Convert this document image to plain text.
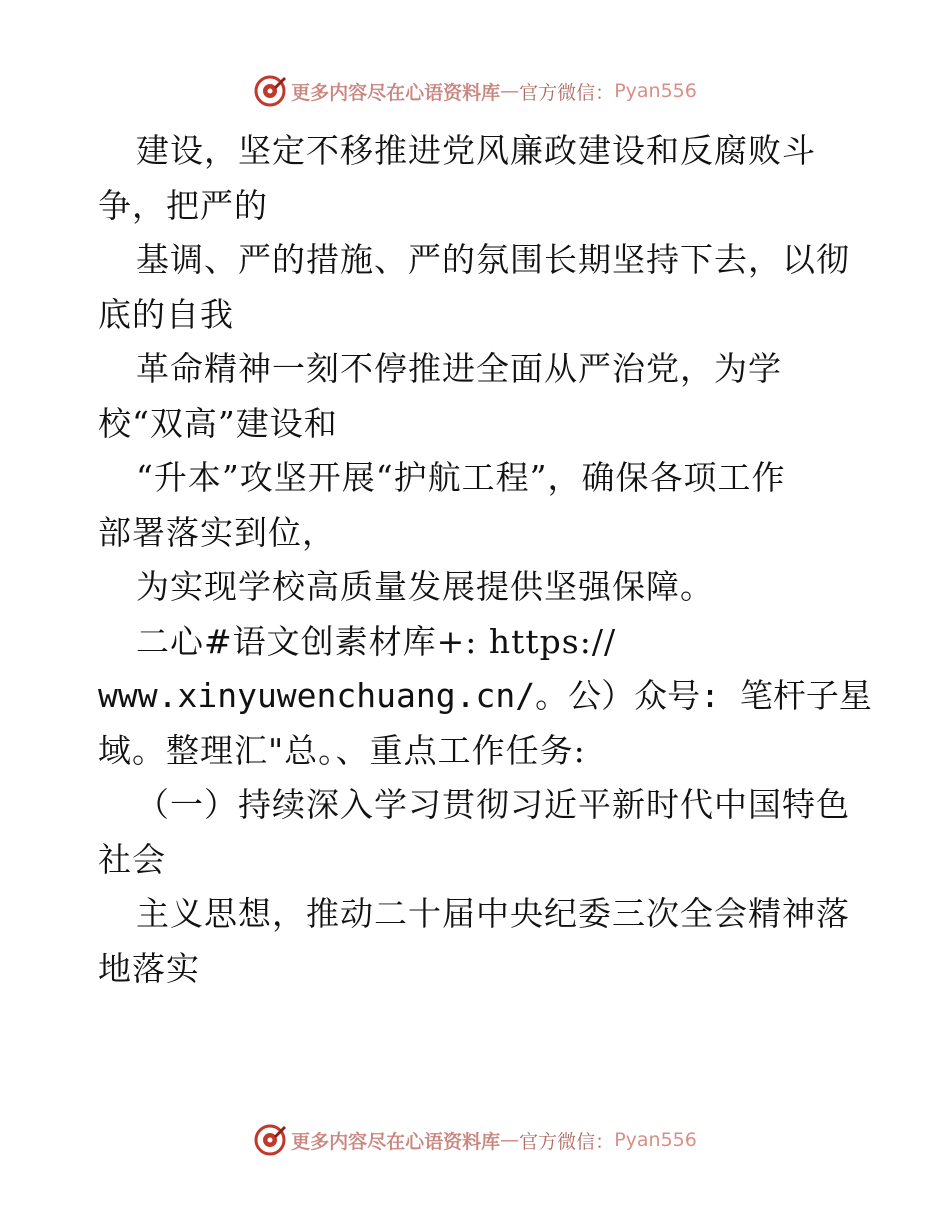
更多内容尽在心语资料库 — 官方微信： Pyan556
建设，坚定不移推进党风廉政建设和反腐败斗
争，把严的
基调、严的措施、严的氛围长期坚持下去，以彻
底的自我
革命精神一刻不停推进全面从严治党，为学
校“双高”建设和
“升本”攻坚开展“护航工程”，确保各项工作
部署落实到位，
为实现学校高质量发展提供坚强保障。
二心#语文创素材库+: https://
www.xinyuwenchuang.cn/。公）众号: 笔杆子星
域。整理汇"总。、重点工作任务:
（一）持续深入学习贯彻习近平新时代中国特色
社会
主义思想，推动二十届中央纪委三次全会精神落
地落实
更多内容尽在心语资料库 — 官方微信： Pyan556
